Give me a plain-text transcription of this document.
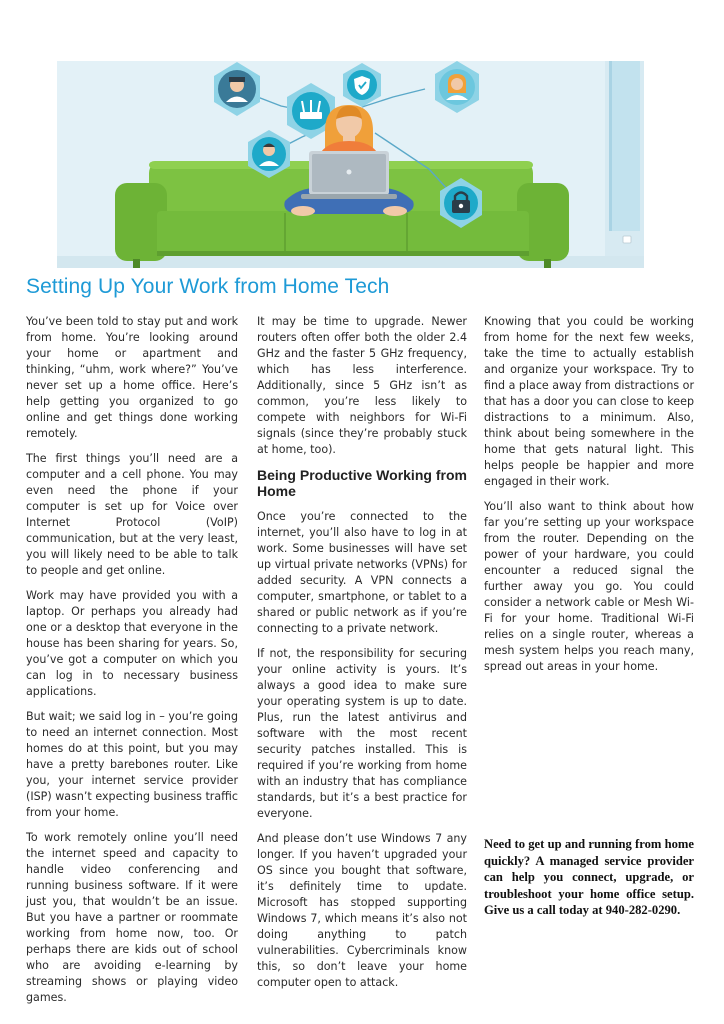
Setting Up Your Work from Home Tech

You’ve been told to stay put and work from home. You’re looking around your home or apartment and thinking, “uhm, work where?” You’ve never set up a home office. Here’s help getting you organized to go online and get things done working remotely.

The first things you’ll need are a computer and a cell phone. You may even need the phone if your computer is set up for Voice over Internet Protocol (VoIP) communication, but at the very least, you will likely need to be able to talk to people and get online.

Work may have provided you with a laptop. Or perhaps you already had one or a desktop that everyone in the house has been sharing for years. So, you’ve got a computer on which you can log in to necessary business applications.

But wait; we said log in – you’re going to need an internet connection. Most homes do at this point, but you may have a pretty barebones router. Like you, your internet service provider (ISP) wasn’t expecting business traffic from your home.

To work remotely online you’ll need the internet speed and capacity to handle video conferencing and running business software. If it were just you, that wouldn’t be an issue. But you have a partner or roommate working from home now, too. Or perhaps there are kids out of school who are avoiding e-learning by streaming shows or playing video games.

It may be time to upgrade. Newer routers often offer both the older 2.4 GHz and the faster 5 GHz frequency, which has less interference. Additionally, since 5 GHz isn’t as common, you’re less likely to compete with neighbors for Wi-Fi signals (since they’re probably stuck at home, too).

Being Productive Working from Home

Once you’re connected to the internet, you’ll also have to log in at work. Some businesses will have set up virtual private networks (VPNs) for added security. A VPN connects a computer, smartphone, or tablet to a shared or public network as if you’re connecting to a private network.

If not, the responsibility for securing your online activity is yours. It’s always a good idea to make sure your operating system is up to date. Plus, run the latest antivirus and software with the most recent security patches installed. This is required if you’re working from home with an industry that has compliance standards, but it’s a best practice for everyone.

And please don’t use Windows 7 any longer. If you haven’t upgraded your OS since you bought that software, it’s definitely time to update. Microsoft has stopped supporting Windows 7, which means it’s also not doing anything to patch vulnerabilities. Cybercriminals know this, so don’t leave your home computer open to attack.

Knowing that you could be working from home for the next few weeks, take the time to actually establish and organize your workspace. Try to find a place away from distractions or that has a door you can close to keep distractions to a minimum. Also, think about being somewhere in the home that gets natural light. This helps people be happier and more engaged in their work.

You’ll also want to think about how far you’re setting up your workspace from the router. Depending on the power of your hardware, you could encounter a reduced signal the further away you go. You could consider a network cable or Mesh Wi-Fi for your home. Traditional Wi-Fi relies on a single router, whereas a mesh system helps you reach many, spread out areas in your home.

Need to get up and running from home quickly? A managed service provider can help you connect, upgrade, or troubleshoot your home office setup. Give us a call today at 940-282-0290.
